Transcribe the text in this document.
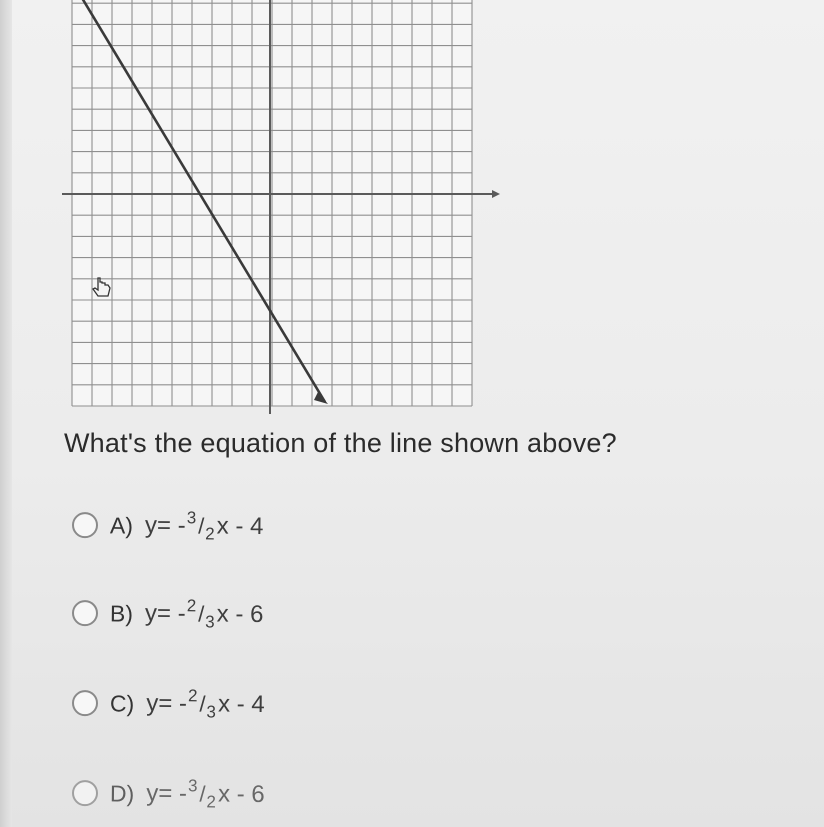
What's the equation of the line shown above?
A) y= - 3 / 2 x - 4
B) y= - 2 / 3 x - 6
C) y= - 2 / 3 x - 4
D) y= - 3 / 2 x - 6
